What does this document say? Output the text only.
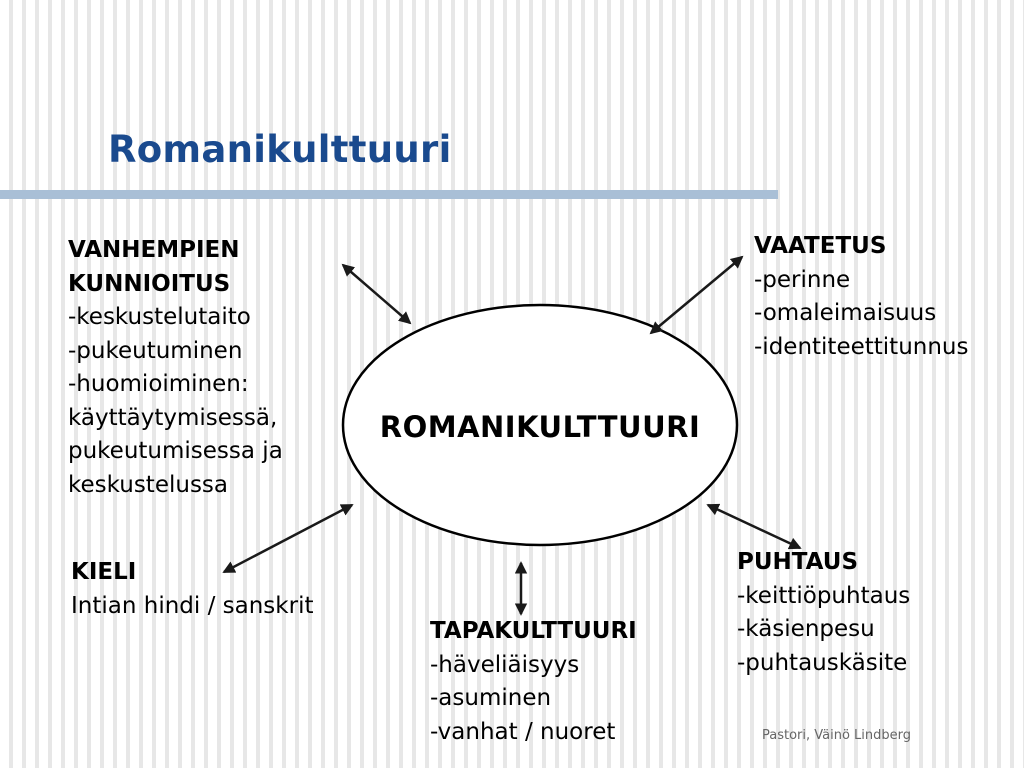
Romanikulttuuri
ROMANIKULTTUURI
VANHEMPIEN
KUNNIOITUS
-keskustelutaito
-pukeutuminen
-huomioiminen:
käyttäytymisessä,
pukeutumisessa ja
keskustelussa
VAATETUS
-perinne
-omaleimaisuus
-identiteettitunnus
KIELI
Intian hindi / sanskrit
TAPAKULTTUURI
-häveliäisyys
-asuminen
-vanhat / nuoret
PUHTAUS
-keittiöpuhtaus
-käsienpesu
-puhtauskäsite
Pastori, Väinö Lindberg
